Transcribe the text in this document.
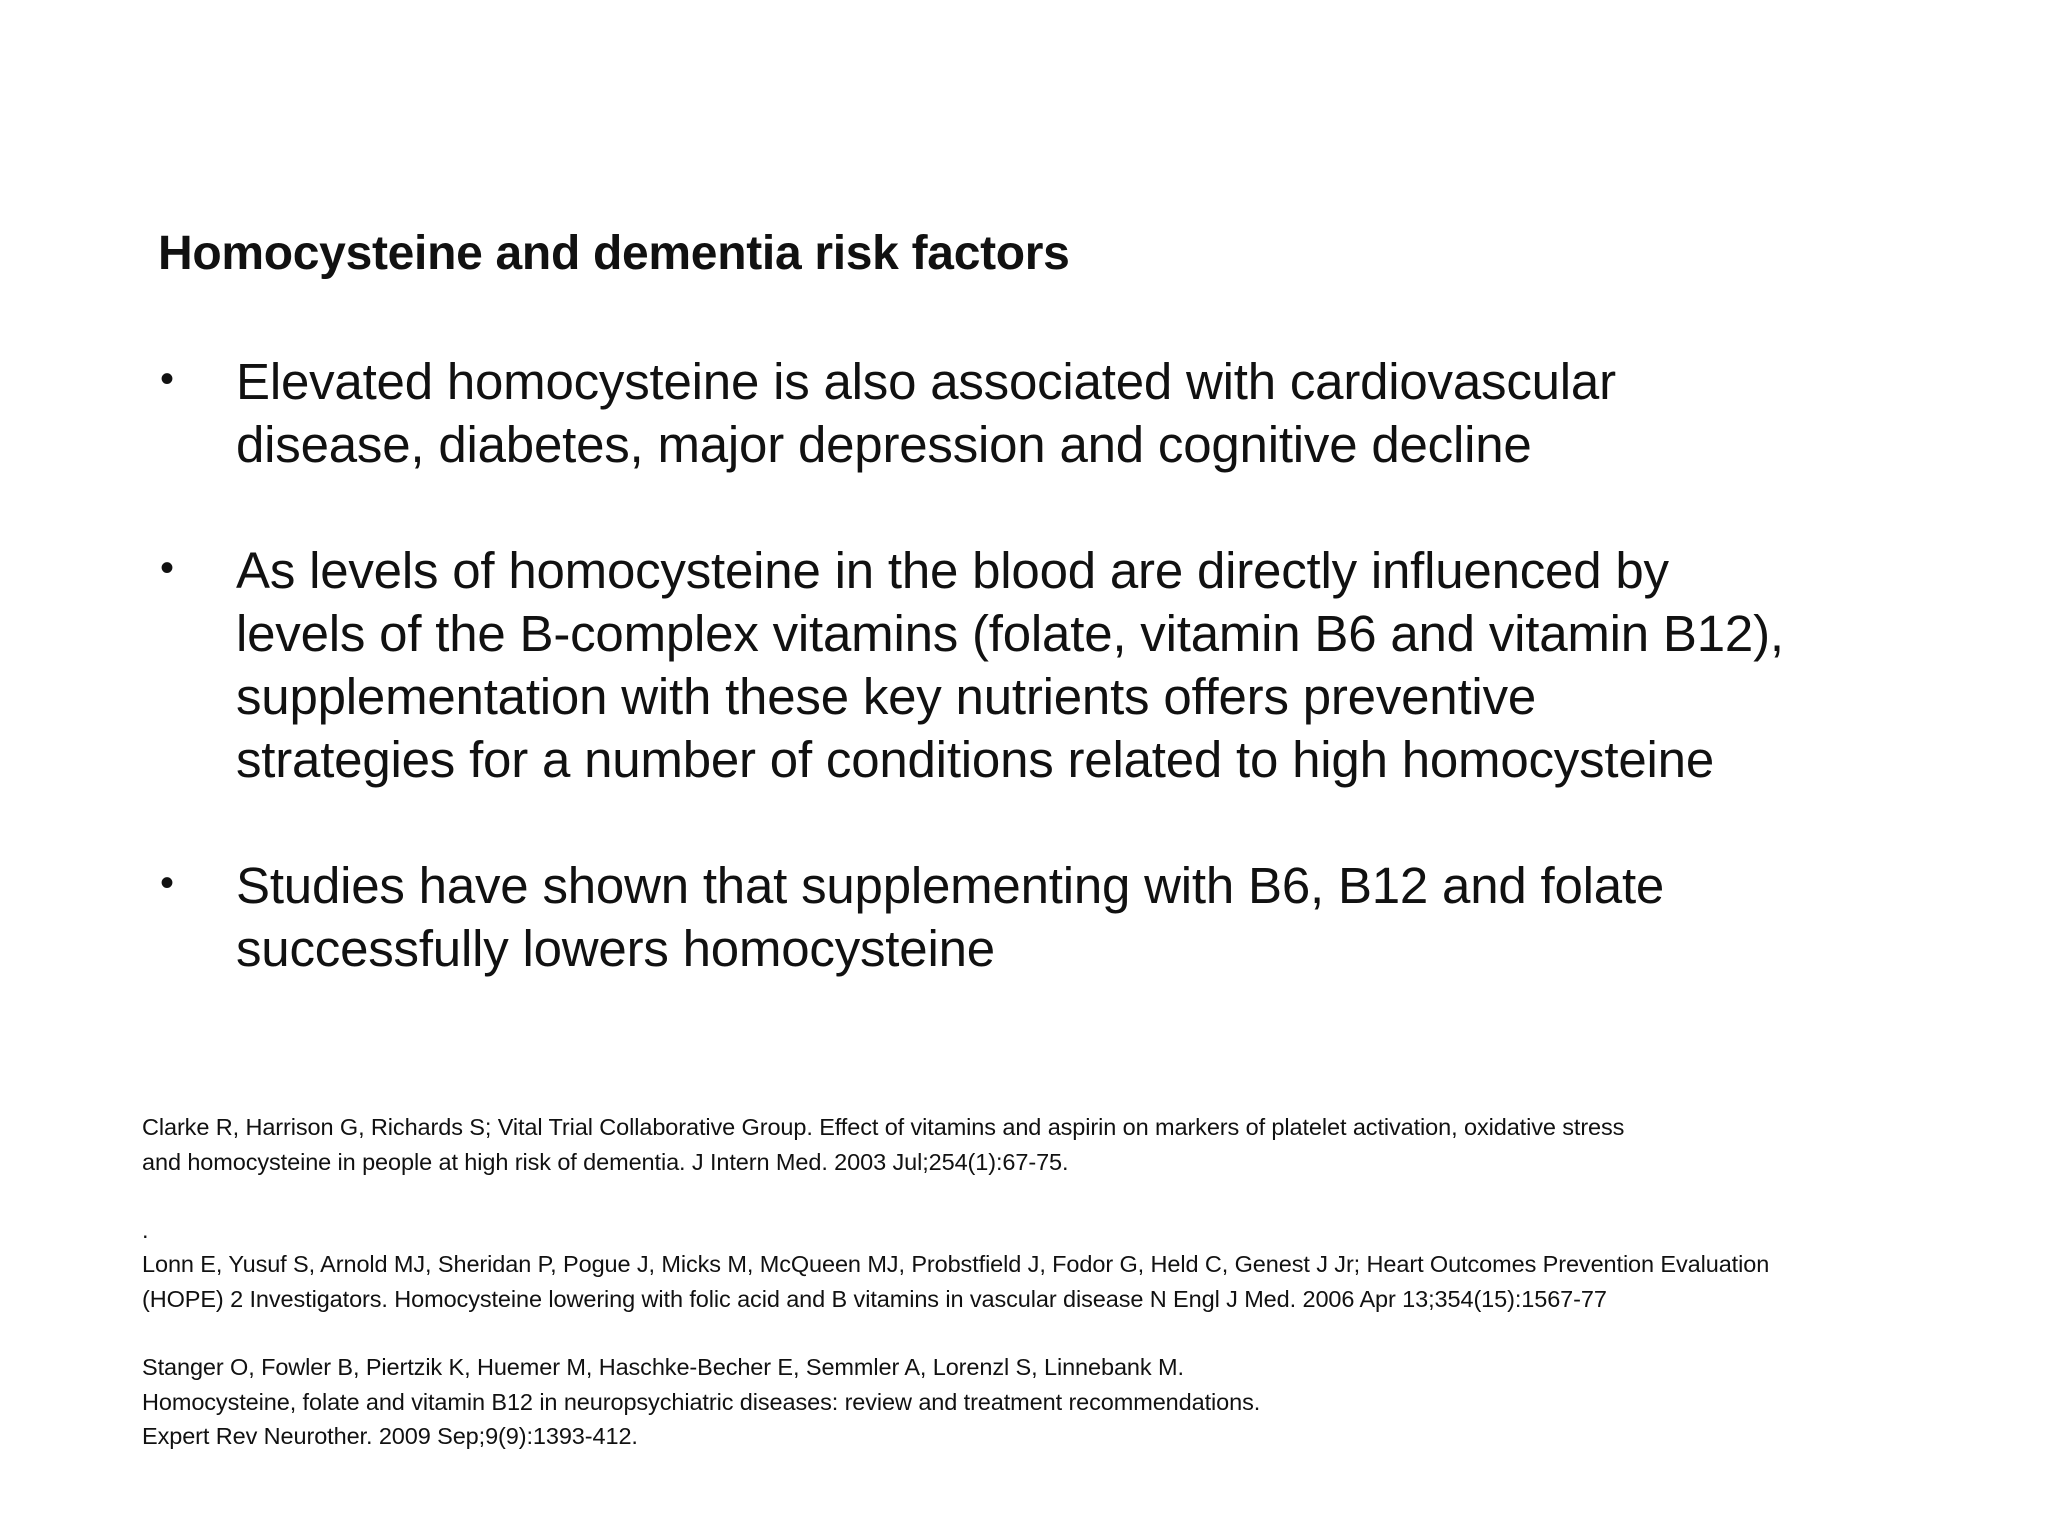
Homocysteine and dementia risk factors
• Elevated homocysteine is also associated with cardiovascular
disease, diabetes, major depression and cognitive decline
• As levels of homocysteine in the blood are directly influenced by
levels of the B-complex vitamins (folate, vitamin B6 and vitamin B12),
supplementation with these key nutrients offers preventive
strategies for a number of conditions related to high homocysteine
• Studies have shown that supplementing with B6, B12 and folate
successfully lowers homocysteine
Clarke R, Harrison G, Richards S; Vital Trial Collaborative Group. Effect of vitamins and aspirin on markers of platelet activation, oxidative stress
and homocysteine in people at high risk of dementia. J Intern Med. 2003 Jul;254(1):67-75.
.
Lonn E, Yusuf S, Arnold MJ, Sheridan P, Pogue J, Micks M, McQueen MJ, Probstfield J, Fodor G, Held C, Genest J Jr; Heart Outcomes Prevention Evaluation
(HOPE) 2 Investigators. Homocysteine lowering with folic acid and B vitamins in vascular disease N Engl J Med. 2006 Apr 13;354(15):1567-77
Stanger O, Fowler B, Piertzik K, Huemer M, Haschke-Becher E, Semmler A, Lorenzl S, Linnebank M.
Homocysteine, folate and vitamin B12 in neuropsychiatric diseases: review and treatment recommendations.
Expert Rev Neurother. 2009 Sep;9(9):1393-412.
